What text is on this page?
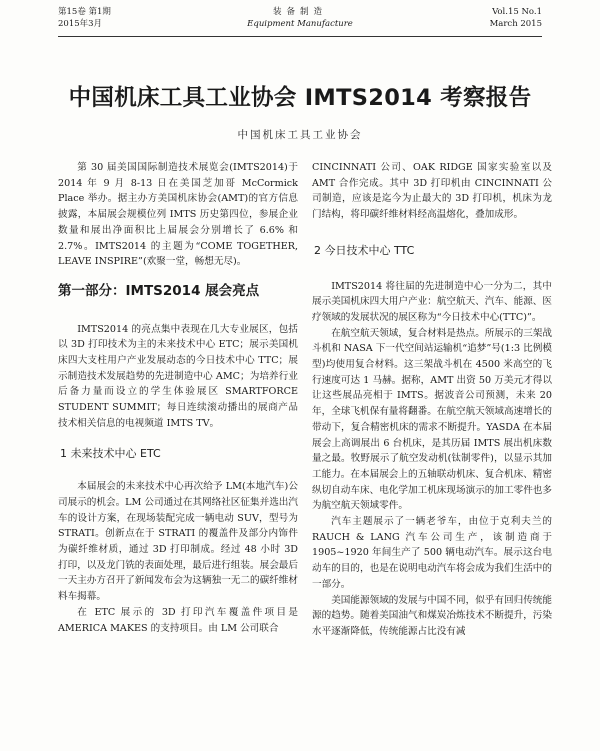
第15卷 第1期
2015年3月
装备制造
Equipment Manufacture
Vol.15 No.1
March 2015
中国机床工具工业协会 IMTS2014 考察报告
中国机床工具工业协会

第 30 届美国国际制造技术展览会(IMTS2014)于 2014 年 9 月 8-13 日在美国芝加哥 McCormick Place 举办。据主办方美国机床协会(AMT)的官方信息披露，本届展会规模位列 IMTS 历史第四位，参展企业数量和展出净面积比上届展会分别增长了 6.6% 和 2.7%。IMTS2014 的主题为“COME TOGETHER, LEAVE INSPIRE”(欢聚一堂，畅想无尽)。

第一部分：IMTS2014 展会亮点

IMTS2014 的亮点集中表现在几大专业展区，包括以 3D 打印技术为主的未来技术中心 ETC；展示美国机床四大支柱用户产业发展动态的今日技术中心 TTC；展示制造技术发展趋势的先进制造中心 AMC；为培养行业后备力量而设立的学生体验展区 SMARTFORCE STUDENT SUMMIT；每日连续滚动播出的展商产品技术相关信息的电视频道 IMTS TV。

1 未来技术中心 ETC

本届展会的未来技术中心再次给予 LM(本地汽车)公司展示的机会。LM 公司通过在其网络社区征集并选出汽车的设计方案，在现场装配完成一辆电动 SUV，型号为 STRATI。创新点在于 STRATI 的覆盖件及部分内饰件为碳纤维材质，通过 3D 打印制成。经过 48 小时 3D 打印，以及龙门铣的表面处理，最后进行组装。展会最后一天主办方召开了新闻发布会为这辆独一无二的碳纤维材料车揭幕。

在 ETC 展示的 3D 打印汽车覆盖件项目是 AMERICA MAKES 的支持项目。由 LM 公司联合

CINCINNATI 公司、OAK RIDGE 国家实验室以及 AMT 合作完成。其中 3D 打印机由 CINCINNATI 公司制造，应该是迄今为止最大的 3D 打印机，机床为龙门结构，将印碳纤维材料经高温熔化，叠加成形。

2 今日技术中心 TTC

IMTS2014 将往届的先进制造中心一分为二，其中展示美国机床四大用户产业：航空航天、汽车、能源、医疗领域的发展状况的展区称为“今日技术中心(TTC)”。

在航空航天领域，复合材料是热点。所展示的三架战斗机和 NASA 下一代空间站运输机“追梦”号(1:3 比例模型)均使用复合材料。这三架战斗机在 4500 米高空的飞行速度可达 1 马赫。据称，AMT 出资 50 万美元才得以让这些展品亮相于 IMTS。据波音公司预测，未来 20 年，全球飞机保有量将翻番。在航空航天领域高速增长的带动下，复合精密机床的需求不断提升。YASDA 在本届展会上高调展出 6 台机床，是其历届 IMTS 展出机床数量之最。牧野展示了航空发动机(钛制零件)，以显示其加工能力。在本届展会上的五轴联动机床、复合机床、精密纵切自动车床、电化学加工机床现场演示的加工零件也多为航空航天领域零件。

汽车主题展示了一辆老爷车，由位于克利夫兰的 RAUCH & LANG 汽车公司生产，该制造商于 1905~1920 年间生产了 500 辆电动汽车。展示这台电动车的目的，也是在说明电动汽车将会成为我们生活中的一部分。

美国能源领域的发展与中国不同，似乎有回归传统能源的趋势。随着美国油气和煤炭冶炼技术不断提升，污染水平逐渐降低，传统能源占比没有减
